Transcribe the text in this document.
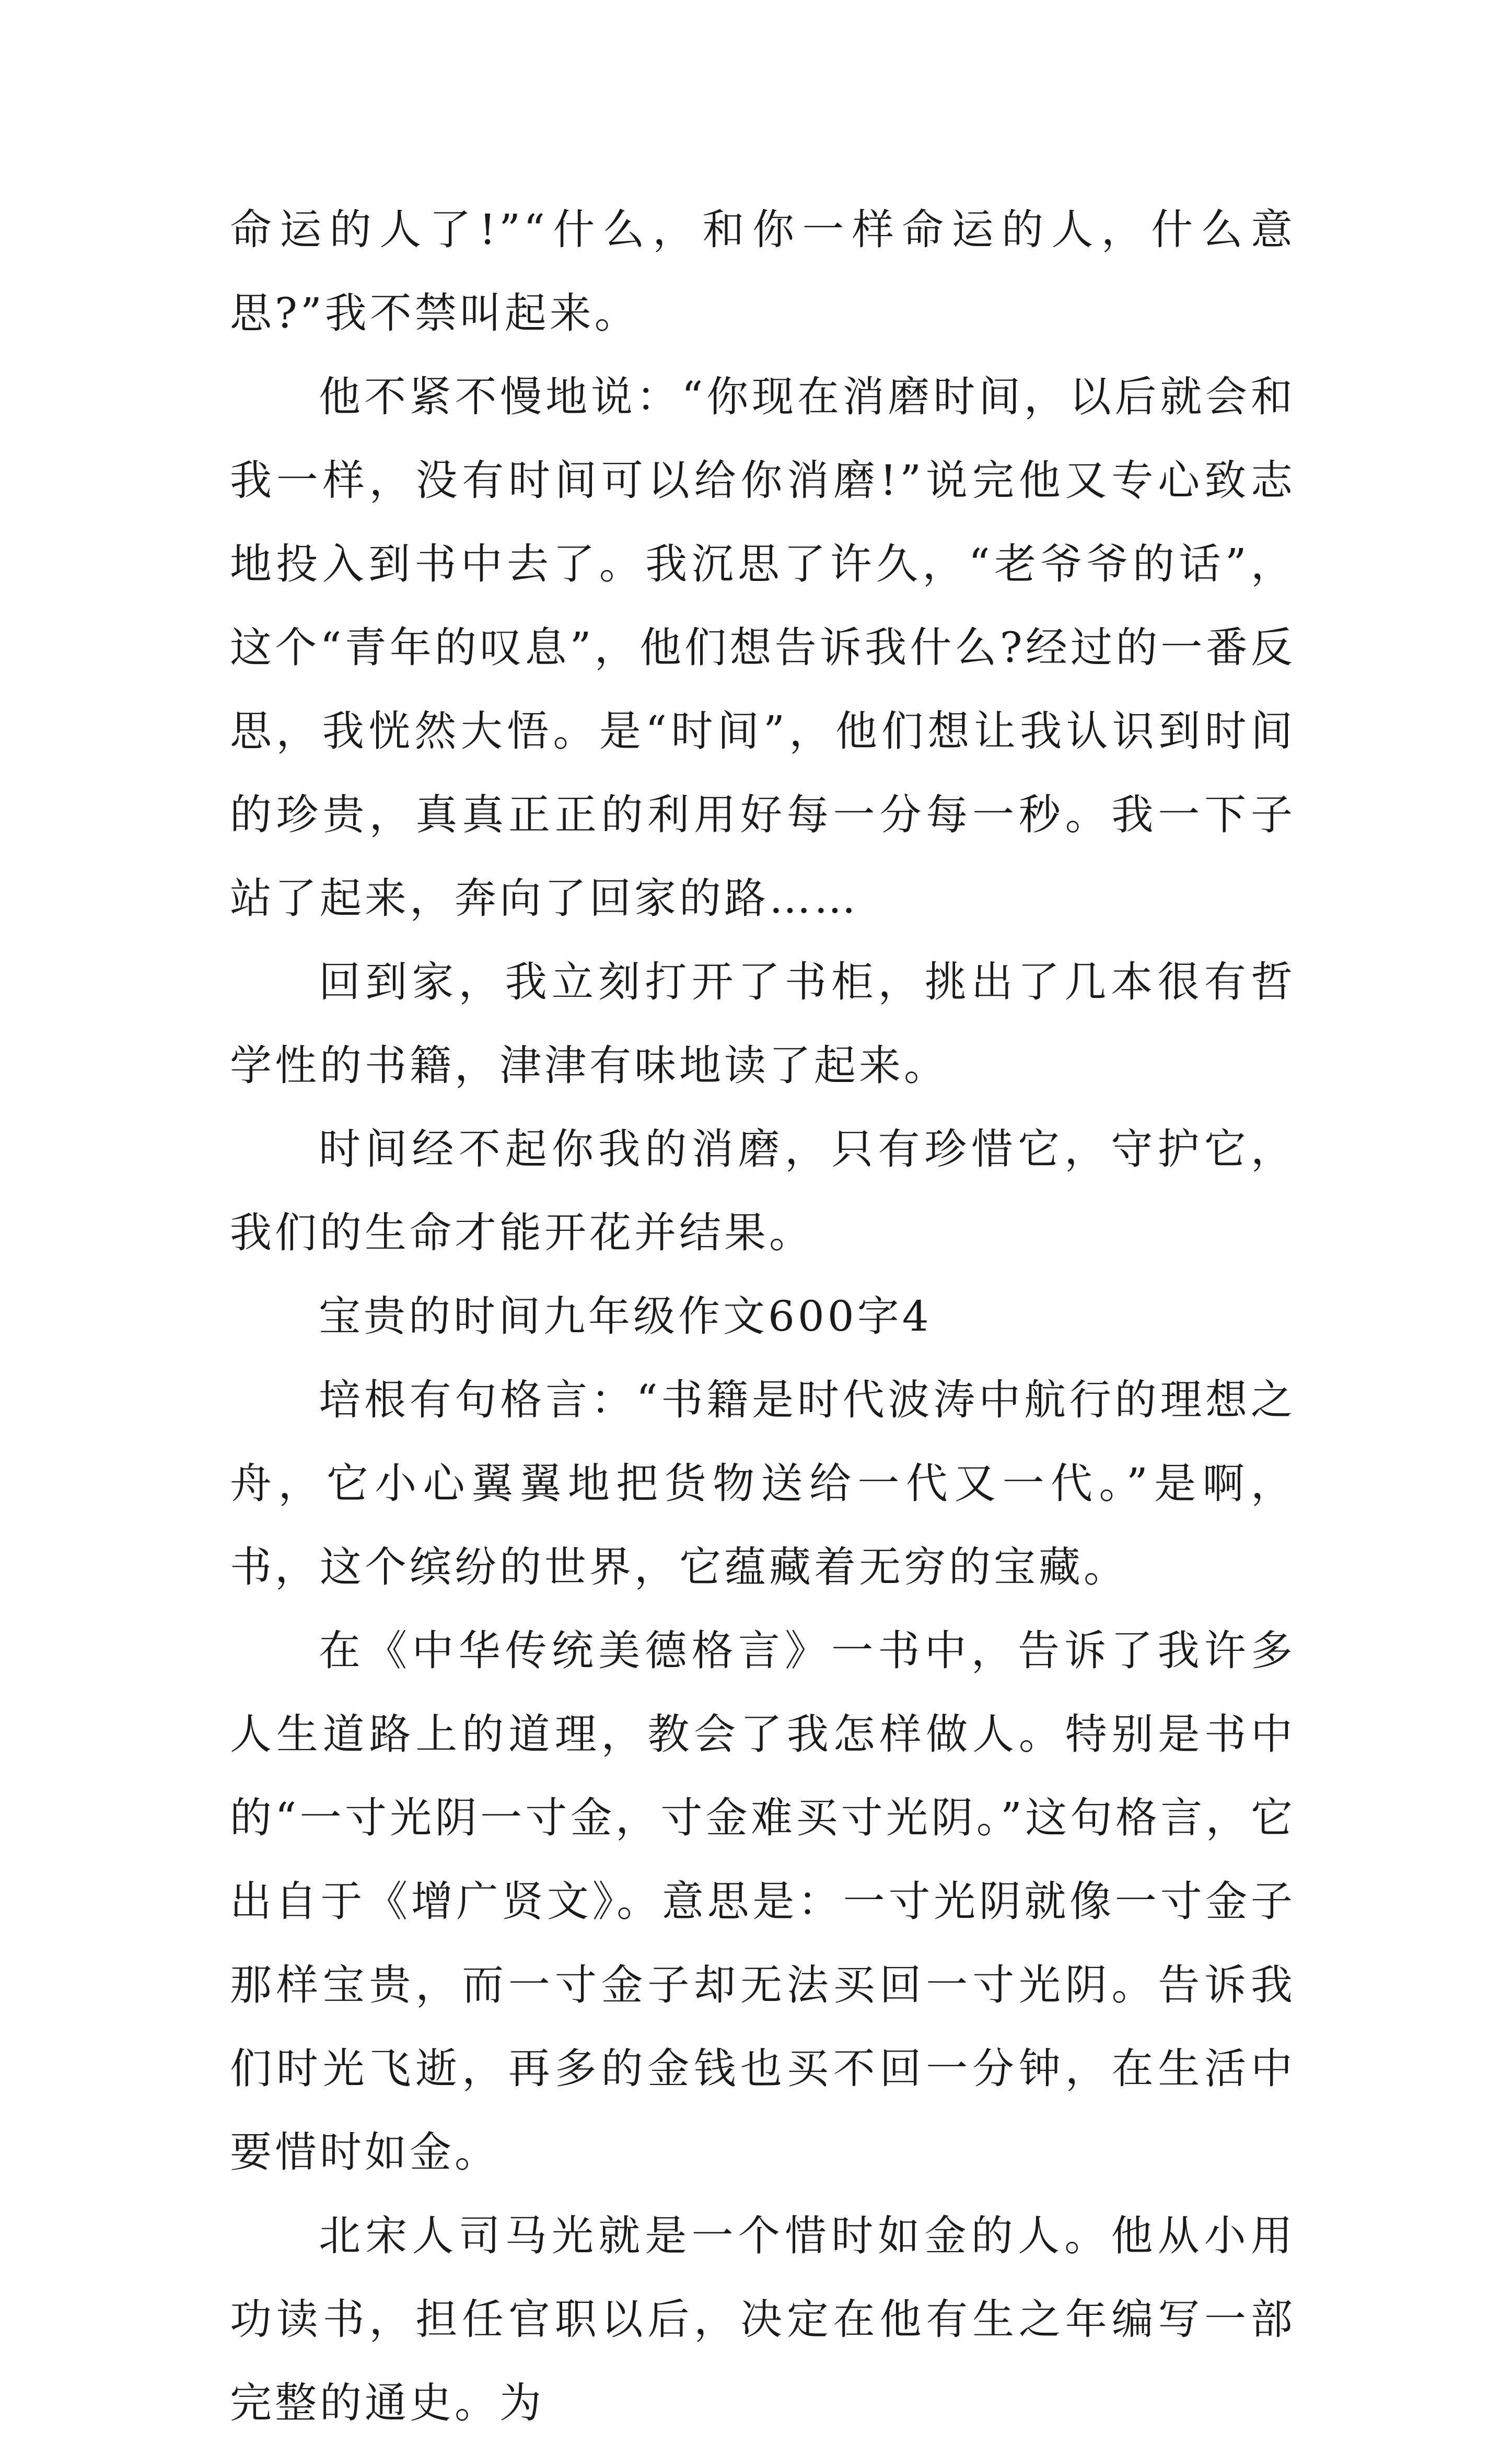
命运的人了!”“什么，和你一样命运的人，什么意思?”我不禁叫起来。

他不紧不慢地说：“你现在消磨时间，以后就会和我一样，没有时间可以给你消磨!”说完他又专心致志地投入到书中去了。我沉思了许久，“老爷爷的话”，这个“青年的叹息”，他们想告诉我什么?经过的一番反思，我恍然大悟。是“时间”，他们想让我认识到时间的珍贵，真真正正的利用好每一分每一秒。我一下子站了起来，奔向了回家的路……

回到家，我立刻打开了书柜，挑出了几本很有哲学性的书籍，津津有味地读了起来。

时间经不起你我的消磨，只有珍惜它，守护它，我们的生命才能开花并结果。

宝贵的时间九年级作文600字4

培根有句格言：“书籍是时代波涛中航行的理想之舟，它小心翼翼地把货物送给一代又一代。”是啊，书，这个缤纷的世界，它蕴藏着无穷的宝藏。

在《中华传统美德格言》一书中，告诉了我许多人生道路上的道理，教会了我怎样做人。特别是书中的“一寸光阴一寸金，寸金难买寸光阴。”这句格言，它出自于《增广贤文》。意思是：一寸光阴就像一寸金子那样宝贵，而一寸金子却无法买回一寸光阴。告诉我们时光飞逝，再多的金钱也买不回一分钟，在生活中要惜时如金。

北宋人司马光就是一个惜时如金的人。他从小用功读书，担任官职以后，决定在他有生之年编写一部完整的通史。为
